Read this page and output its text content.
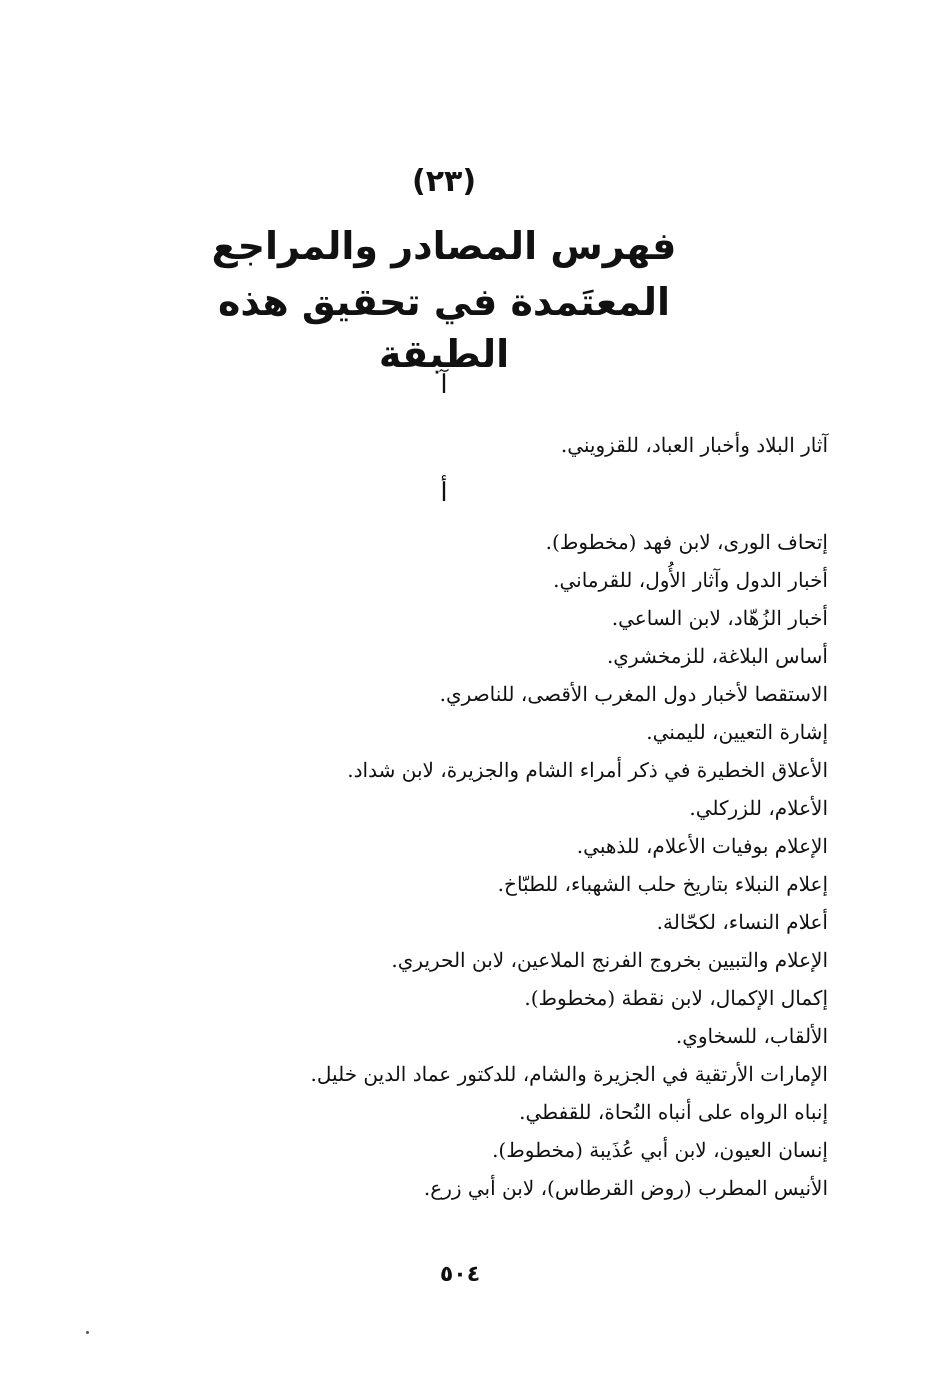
(٢٣)
فهرس المصادر والمراجع
المعتَمدة في تحقيق هذه الطبقة
آ
آثار البلاد وأخبار العباد، للقزويني.
أ
إتحاف الورى، لابن فهد (مخطوط).
أخبار الدول وآثار الأُول، للقرماني.
أخبار الزُهّاد، لابن الساعي.
أساس البلاغة، للزمخشري.
الاستقصا لأخبار دول المغرب الأقصى، للناصري.
إشارة التعيين، لليمني.
الأعلاق الخطيرة في ذكر أمراء الشام والجزيرة، لابن شداد.
الأعلام، للزركلي.
الإعلام بوفيات الأعلام، للذهبي.
إعلام النبلاء بتاريخ حلب الشهباء، للطبّاخ.
أعلام النساء، لكحّالة.
الإعلام والتبيين بخروج الفرنج الملاعين، لابن الحريري.
إكمال الإكمال، لابن نقطة (مخطوط).
الألقاب، للسخاوي.
الإمارات الأرتقية في الجزيرة والشام، للدكتور عماد الدين خليل.
إنباه الرواه على أنباه النُحاة، للقفطي.
إنسان العيون، لابن أبي عُذَيبة (مخطوط).
الأنيس المطرب (روض القرطاس)، لابن أبي زرع.
٥٠٤
